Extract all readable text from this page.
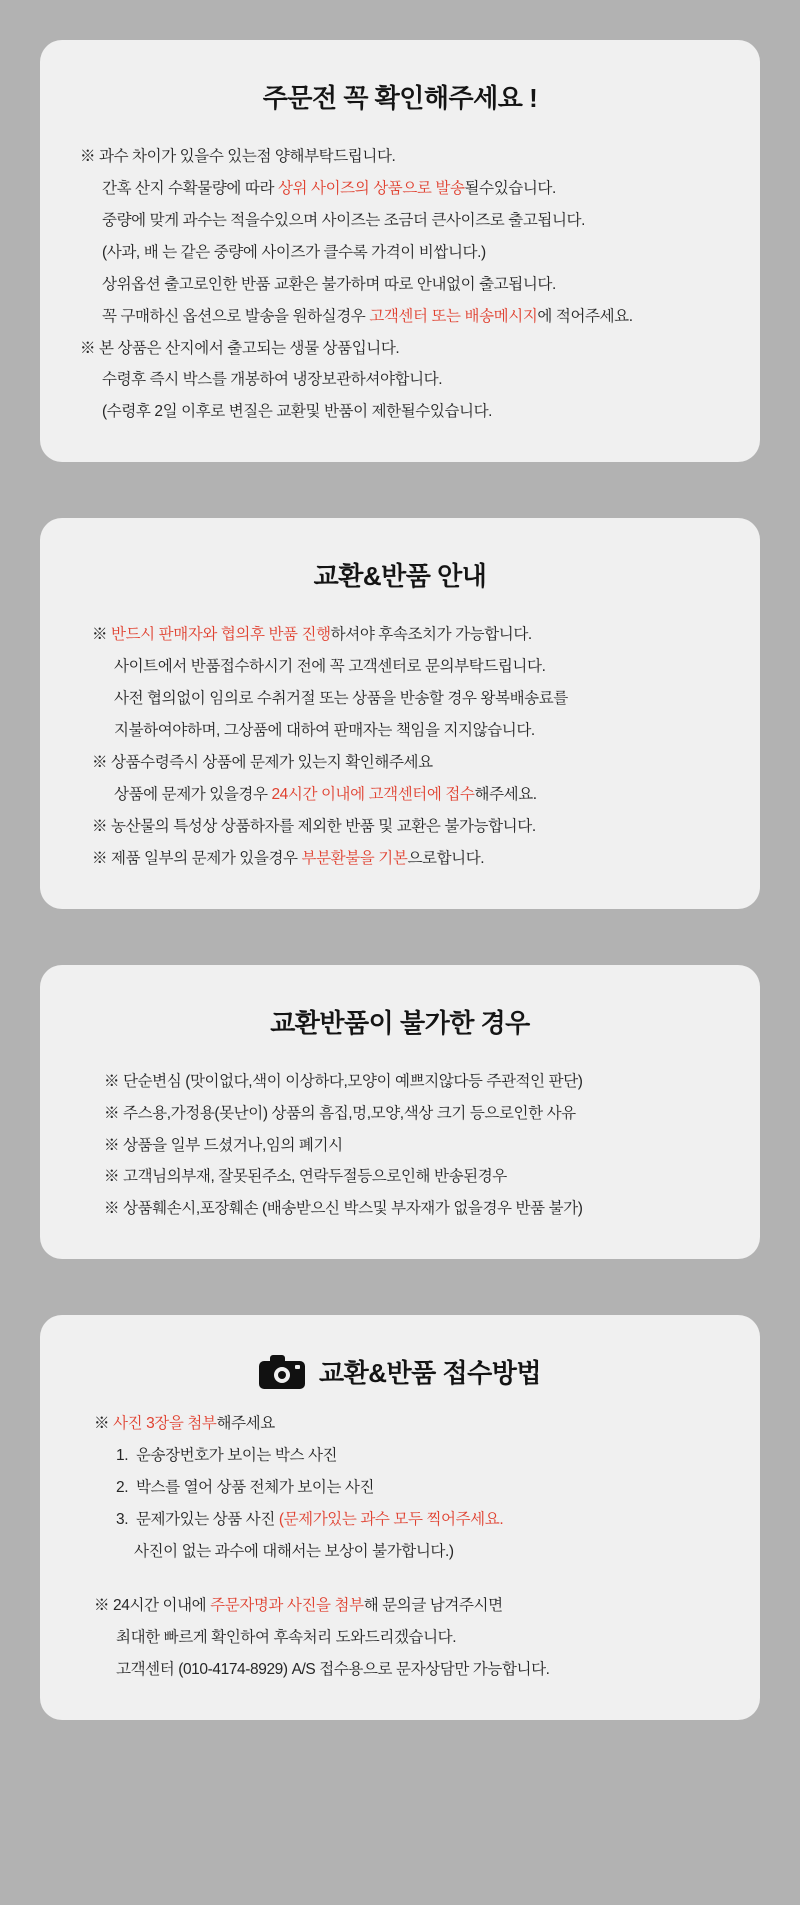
주문전 꼭 확인해주세요 !
※ 과수 차이가 있을수 있는점 양해부탁드립니다.
간혹 산지 수확물량에 따라 상위 사이즈의 상품으로 발송될수있습니다.
중량에 맞게 과수는 적을수있으며 사이즈는 조금더 큰사이즈로 출고됩니다.
(사과, 배 는 같은 중량에 사이즈가 클수록 가격이 비쌉니다.)
상위옵션 출고로인한 반품 교환은 불가하며 따로 안내없이 출고됩니다.
꼭 구매하신 옵션으로 발송을 원하실경우 고객센터 또는 배송메시지에 적어주세요.
※ 본 상품은 산지에서 출고되는 생물 상품입니다.
수령후 즉시 박스를 개봉하여 냉장보관하셔야합니다.
(수령후 2일 이후로 변질은 교환및 반품이 제한될수있습니다.
교환&반품 안내
※ 반드시 판매자와 협의후 반품 진행하셔야 후속조치가 가능합니다.
사이트에서 반품접수하시기 전에 꼭 고객센터로 문의부탁드립니다.
사전 협의없이 임의로 수취거절 또는 상품을 반송할 경우 왕복배송료를
지불하여야하며, 그상품에 대하여 판매자는 책임을 지지않습니다.
※ 상품수령즉시 상품에 문제가 있는지 확인해주세요
상품에 문제가 있을경우 24시간 이내에 고객센터에 접수해주세요.
※ 농산물의 특성상 상품하자를 제외한 반품 및 교환은 불가능합니다.
※ 제품 일부의 문제가 있을경우 부분환불을 기본으로합니다.
교환반품이 불가한 경우
※ 단순변심 (맛이없다,색이 이상하다,모양이 예쁘지않다등 주관적인 판단)
※ 주스용,가정용(못난이) 상품의 흠집,멍,모양,색상 크기 등으로인한 사유
※ 상품을 일부 드셨거나,임의 폐기시
※ 고객님의부재, 잘못된주소, 연락두절등으로인해 반송된경우
※ 상품훼손시,포장훼손 (배송받으신 박스및 부자재가 없을경우 반품 불가)
교환&반품 접수방법
※ 사진 3장을 첨부해주세요
1.  운송장번호가 보이는 박스 사진
2.  박스를 열어 상품 전체가 보이는 사진
3.  문제가있는 상품 사진 (문제가있는 과수 모두 찍어주세요.
사진이 없는 과수에 대해서는 보상이 불가합니다.)
※ 24시간 이내에 주문자명과 사진을 첨부해 문의글 남겨주시면
최대한 빠르게 확인하여 후속처리 도와드리겠습니다.
고객센터 (010-4174-8929) A/S 접수용으로 문자상담만 가능합니다.
